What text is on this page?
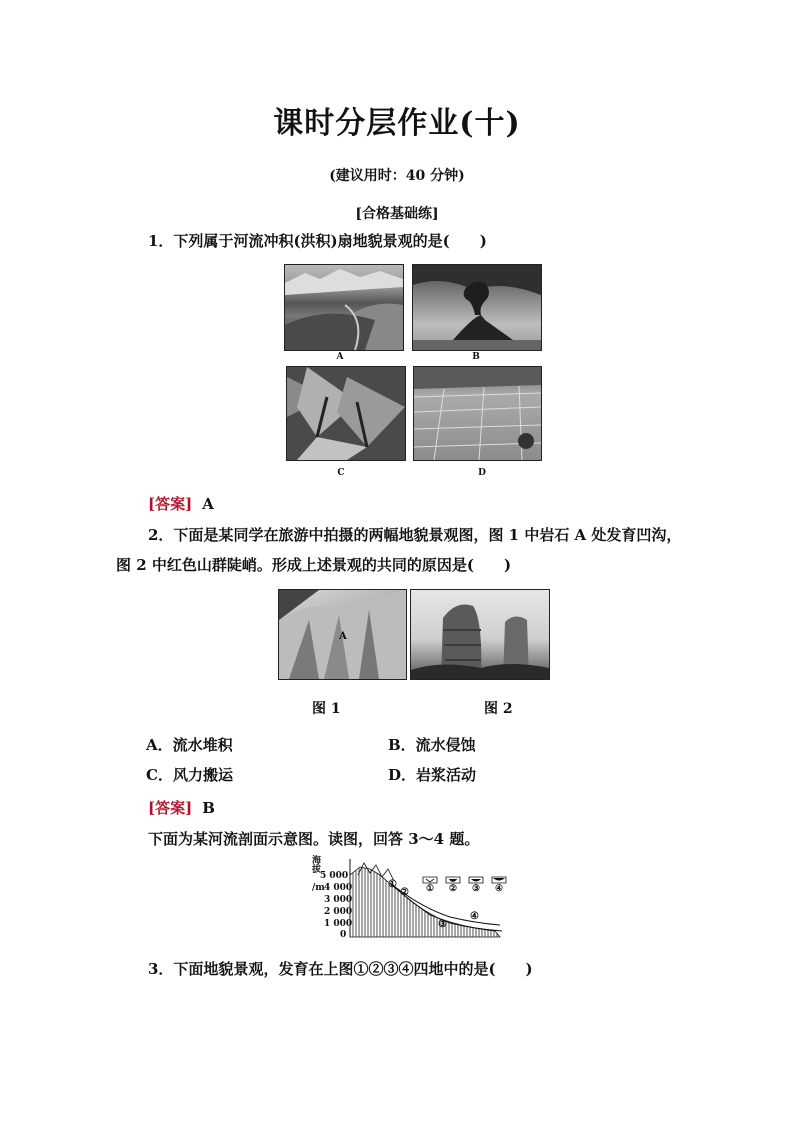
课时分层作业(十)
(建议用时：40 分钟)
[合格基础练]
1．下列属于河流冲积(洪积)扇地貌景观的是(　　)
A	B
C	D
[答案] A
2．下面是某同学在旅游中拍摄的两幅地貌景观图，图 1 中岩石 A 处发育凹沟，
图 2 中红色山群陡峭。形成上述景观的共同的原因是(　　)
A
图 1	图 2
A．流水堆积	B．流水侵蚀
C．风力搬运	D．岩浆活动
[答案] B
下面为某河流剖面示意图。读图，回答 3～4 题。
海
拔
/m
5 000
4 000
3 000
2 000
1 000
0
①
②
③
④
① ② ③ ④
3．下面地貌景观，发育在上图①②③④四地中的是(　　)
